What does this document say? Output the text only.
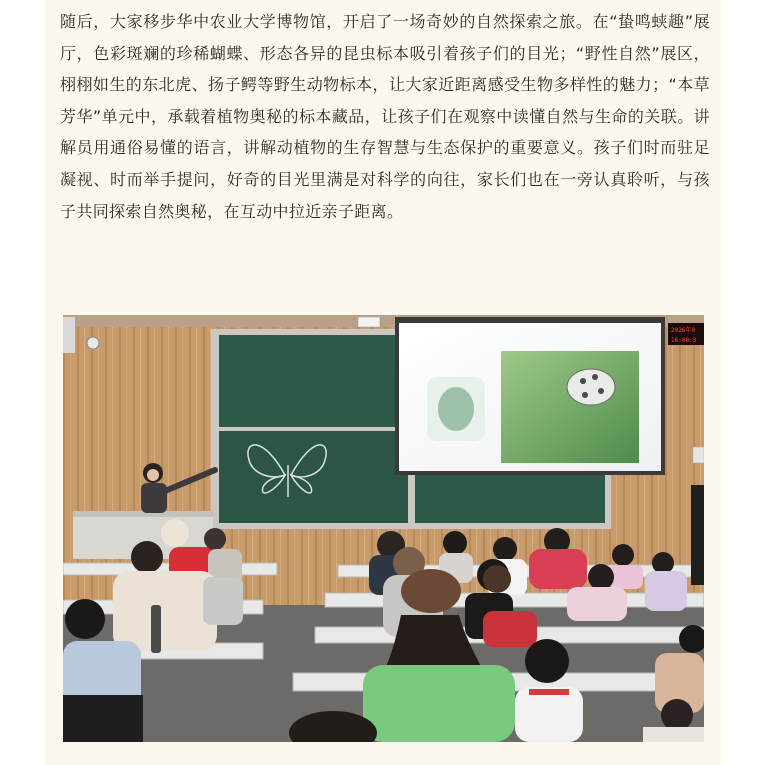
随后，大家移步华中农业大学博物馆，开启了一场奇妙的自然探索之旅。在“蛰鸣蛱趣”展厅，色彩斑斓的珍稀蝴蝶、形态各异的昆虫标本吸引着孩子们的目光；“野性自然”展区，栩栩如生的东北虎、扬子鳄等野生动物标本，让大家近距离感受生物多样性的魅力；“本草芳华”单元中，承载着植物奥秘的标本藏品，让孩子们在观察中读懂自然与生命的关联。讲解员用通俗易懂的语言，讲解动植物的生存智慧与生态保护的重要意义。孩子们时而驻足凝视、时而举手提问，好奇的目光里满是对科学的向往，家长们也在一旁认真聆听，与孩子共同探索自然奥秘，在互动中拉近亲子距离。

2026年0
16:08:3
